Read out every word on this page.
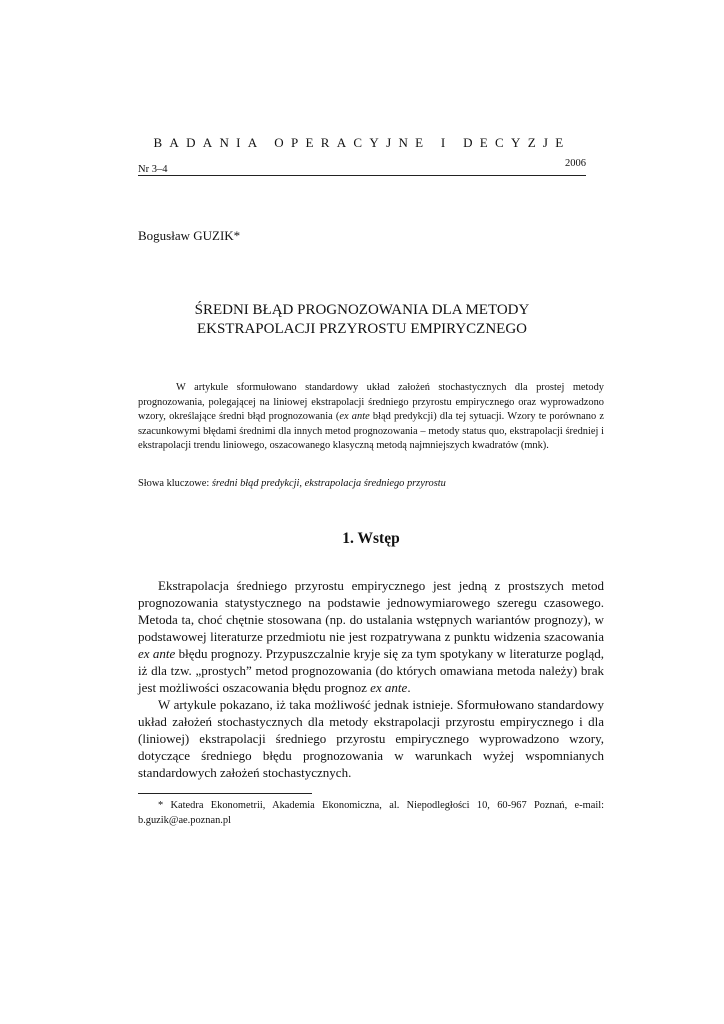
BADANIA OPERACYJNE I DECYZJE
Nr 3–4
2006
Bogusław GUZIK*
ŚREDNI BŁĄD PROGNOZOWANIA DLA METODY
EKSTRAPOLACJI PRZYROSTU EMPIRYCZNEGO
W artykule sformułowano standardowy układ założeń stochastycznych dla prostej metody prognozowania, polegającej na liniowej ekstrapolacji średniego przyrostu empirycznego oraz wyprowadzono wzory, określające średni błąd prognozowania (ex ante błąd predykcji) dla tej sytuacji. Wzory te porównano z szacunkowymi błędami średnimi dla innych metod prognozowania – metody status quo, ekstrapolacji średniej i ekstrapolacji trendu liniowego, oszacowanego klasyczną metodą najmniejszych kwadratów (mnk).
Słowa kluczowe: średni błąd predykcji, ekstrapolacja średniego przyrostu
1. Wstęp

Ekstrapolacja średniego przyrostu empirycznego jest jedną z prostszych metod prognozowania statystycznego na podstawie jednowymiarowego szeregu czasowego. Metoda ta, choć chętnie stosowana (np. do ustalania wstępnych wariantów prognozy), w podstawowej literaturze przedmiotu nie jest rozpatrywana z punktu widzenia szacowania ex ante błędu prognozy. Przypuszczalnie kryje się za tym spotykany w literaturze pogląd, iż dla tzw. „prostych” metod prognozowania (do których omawiana metoda należy) brak jest możliwości oszacowania błędu prognoz ex ante.

W artykule pokazano, iż taka możliwość jednak istnieje. Sformułowano standardowy układ założeń stochastycznych dla metody ekstrapolacji przyrostu empirycznego i dla (liniowej) ekstrapolacji średniego przyrostu empirycznego wyprowadzono wzory, dotyczące średniego błędu prognozowania w warunkach wyżej wspomnianych standardowych założeń stochastycznych.

* Katedra Ekonometrii, Akademia Ekonomiczna, al. Niepodległości 10, 60-967 Poznań, e-mail: b.guzik@ae.poznan.pl
